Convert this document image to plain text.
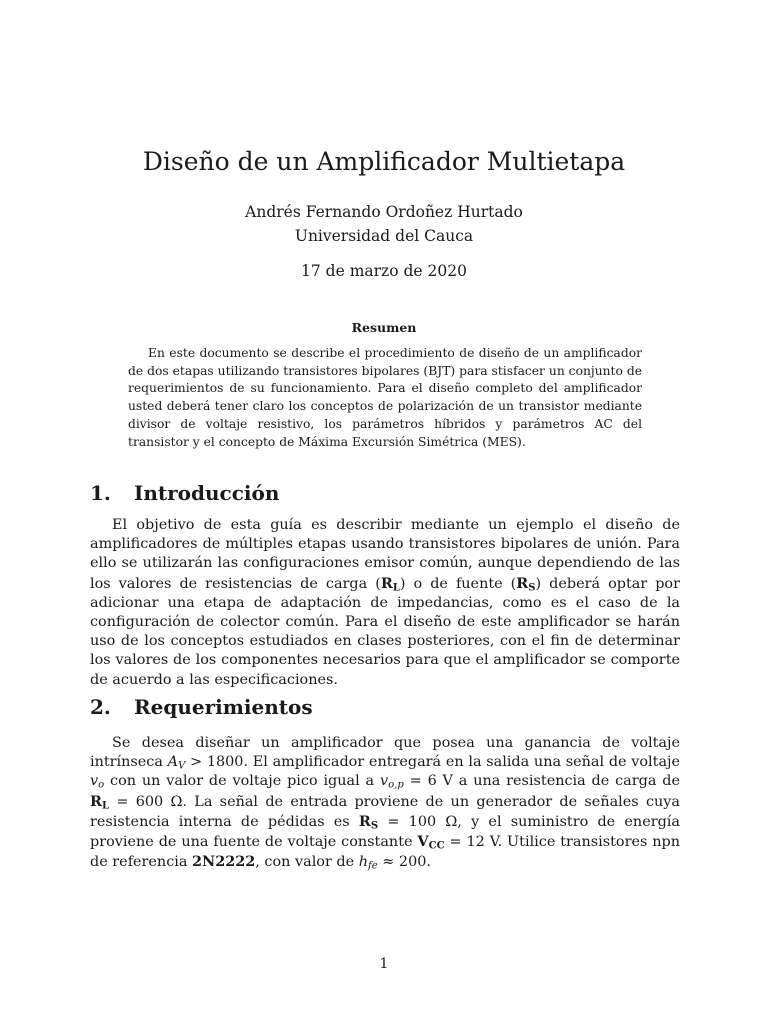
Diseño de un Amplificador Multietapa
Andrés Fernando Ordoñez Hurtado
Universidad del Cauca
17 de marzo de 2020
Resumen

En este documento se describe el procedimiento de diseño de un amplificador de dos etapas utilizando transistores bipolares (BJT) para stisfacer un conjunto de requerimientos de su funcionamiento. Para el diseño completo del amplificador usted deberá tener claro los conceptos de polarización de un transistor mediante divisor de voltaje resistivo, los parámetros híbridos y parámetros AC del transistor y el concepto de Máxima Excursión Simétrica (MES).

1. Introducción

El objetivo de esta guía es describir mediante un ejemplo el diseño de amplificadores de múltiples etapas usando transistores bipolares de unión. Para ello se utilizarán las configuraciones emisor común, aunque dependiendo de las los valores de resistencias de carga $(R_L)$ o de fuente $(R_S)$ deberá optar por adicionar una etapa de adaptación de impedancias, como es el caso de la configuración de colector común. Para el diseño de este amplificador se harán uso de los conceptos estudiados en clases posteriores, con el fin de determinar los valores de los componentes necesarios para que el amplificador se comporte de acuerdo a las especificaciones.

2. Requerimientos

Se desea diseñar un amplificador que posea una ganancia de voltaje intrínseca $A_V > 1800$. El amplificador entregará en la salida una señal de voltaje $v_o$ con un valor de voltaje pico igual a $v_{o,p} = 6$ V a una resistencia de carga de $R_L = 600$ Ω. La señal de entrada proviene de un generador de señales cuya resistencia interna de pédidas es $R_S = 100$ Ω, y el suministro de energía proviene de una fuente de voltaje constante $V_{CC} = 12$ V. Utilice transistores npn de referencia 2N2222, con valor de $h_{fe} \approx 200$.

1
